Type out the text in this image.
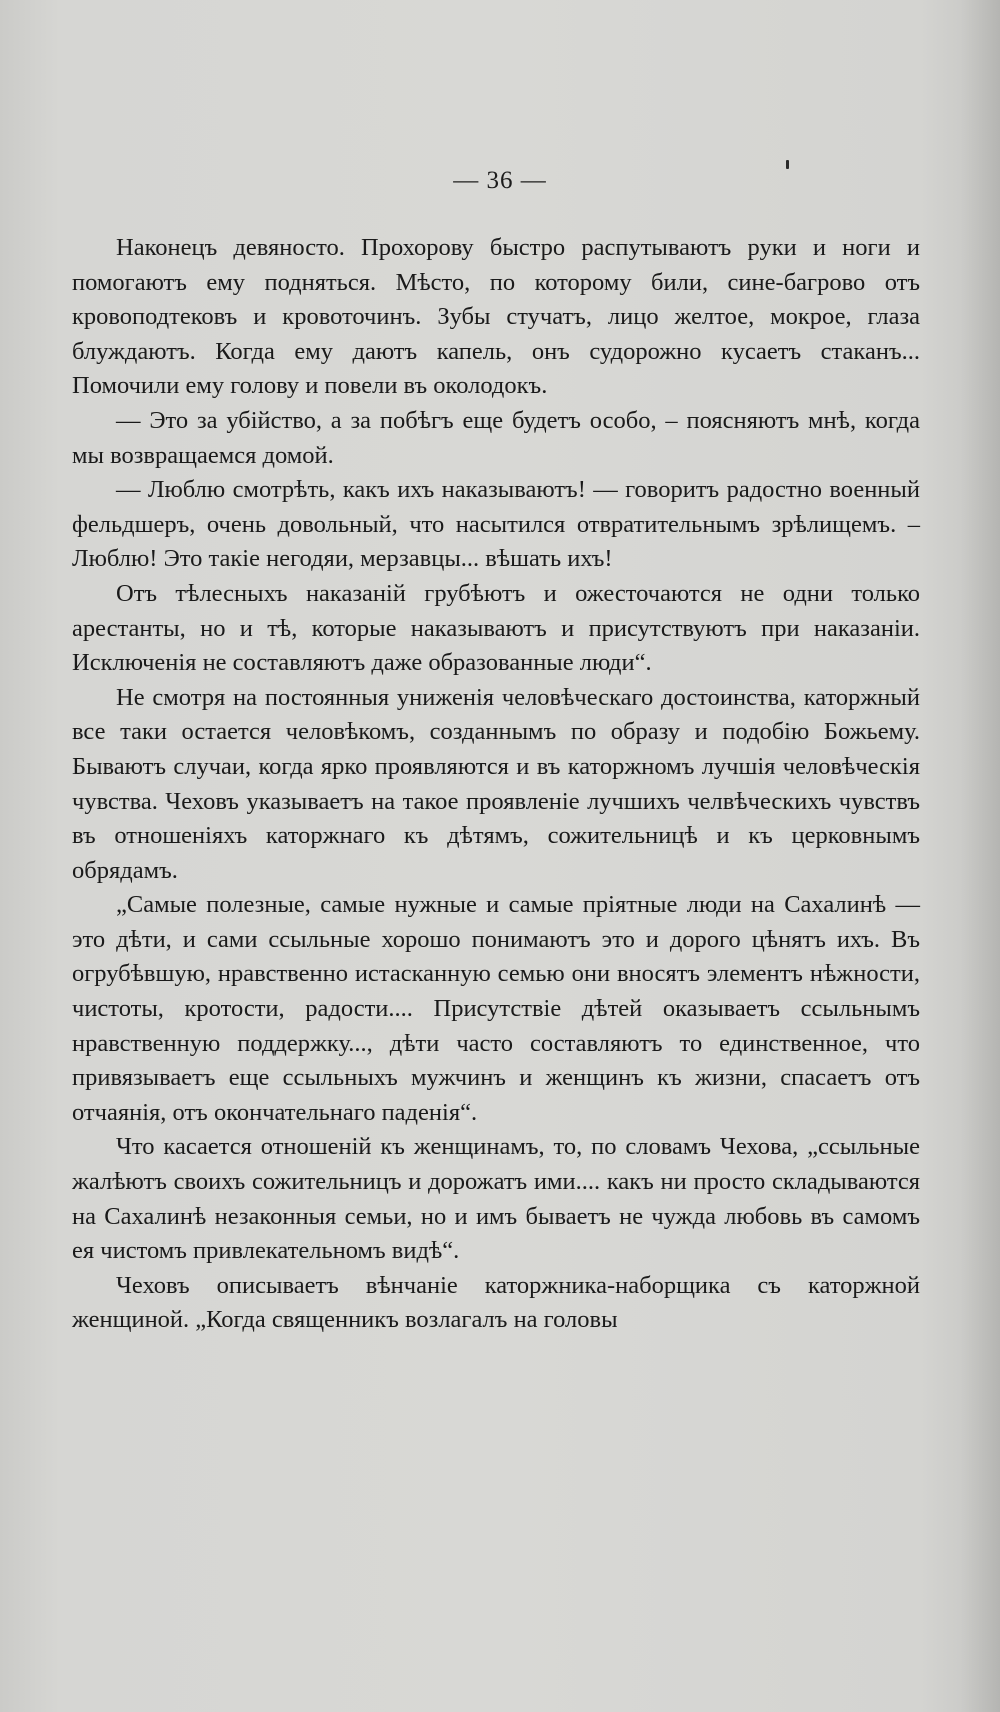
— 36 —

Наконецъ девяносто. Прохорову быстро распутываютъ руки и ноги и помогаютъ ему подняться. Мѣсто, по которому били, сине-багрово отъ кровоподтековъ и кровоточинъ. Зубы стучатъ, лицо желтое, мокрое, глаза блуждаютъ. Когда ему даютъ капель, онъ судорожно кусаетъ стаканъ... Помочили ему голову и повели въ околодокъ.

— Это за убійство, а за побѣгъ еще будетъ особо, – поясняютъ мнѣ, когда мы возвращаемся домой.

— Люблю смотрѣть, какъ ихъ наказываютъ! — говоритъ радостно военный фельдшеръ, очень довольный, что насытился отвратительнымъ зрѣлищемъ. – Люблю! Это такіе негодяи, мерзавцы... вѣшать ихъ!

Отъ тѣлесныхъ наказаній грубѣютъ и ожесточаются не одни только арестанты, но и тѣ, которые наказываютъ и присутствуютъ при наказаніи. Исключенія не составляютъ даже образованные люди“.

Не смотря на постоянныя униженія человѣческаго достоинства, каторжный все таки остается человѣкомъ, созданнымъ по образу и подобію Божьему. Бываютъ случаи, когда ярко проявляются и въ каторжномъ лучшія человѣческія чувства. Чеховъ указываетъ на такое проявленіе лучшихъ челвѣческихъ чувствъ въ отношеніяхъ каторжнаго къ дѣтямъ, сожительницѣ и къ церковнымъ обрядамъ.

„Самые полезные, самые нужные и самые пріятные люди на Сахалинѣ — это дѣти, и сами ссыльные хорошо понимаютъ это и дорого цѣнятъ ихъ. Въ огрубѣвшую, нравственно истасканную семью они вносятъ элементъ нѣжности, чистоты, кротости, радости.... Присутствіе дѣтей оказываетъ ссыльнымъ нравственную поддержку..., дѣти часто составляютъ то единственное, что привязываетъ еще ссыльныхъ мужчинъ и женщинъ къ жизни, спасаетъ отъ отчаянія, отъ окончательнаго паденія“.

Что касается отношеній къ женщинамъ, то, по словамъ Чехова, „ссыльные жалѣютъ своихъ сожительницъ и дорожатъ ими.... какъ ни просто складываются на Сахалинѣ незаконныя семьи, но и имъ бываетъ не чужда любовь въ самомъ ея чистомъ привлекательномъ видѣ“.

Чеховъ описываетъ вѣнчаніе каторжника-наборщика съ каторжной женщиной. „Когда священникъ возлагалъ на головы
